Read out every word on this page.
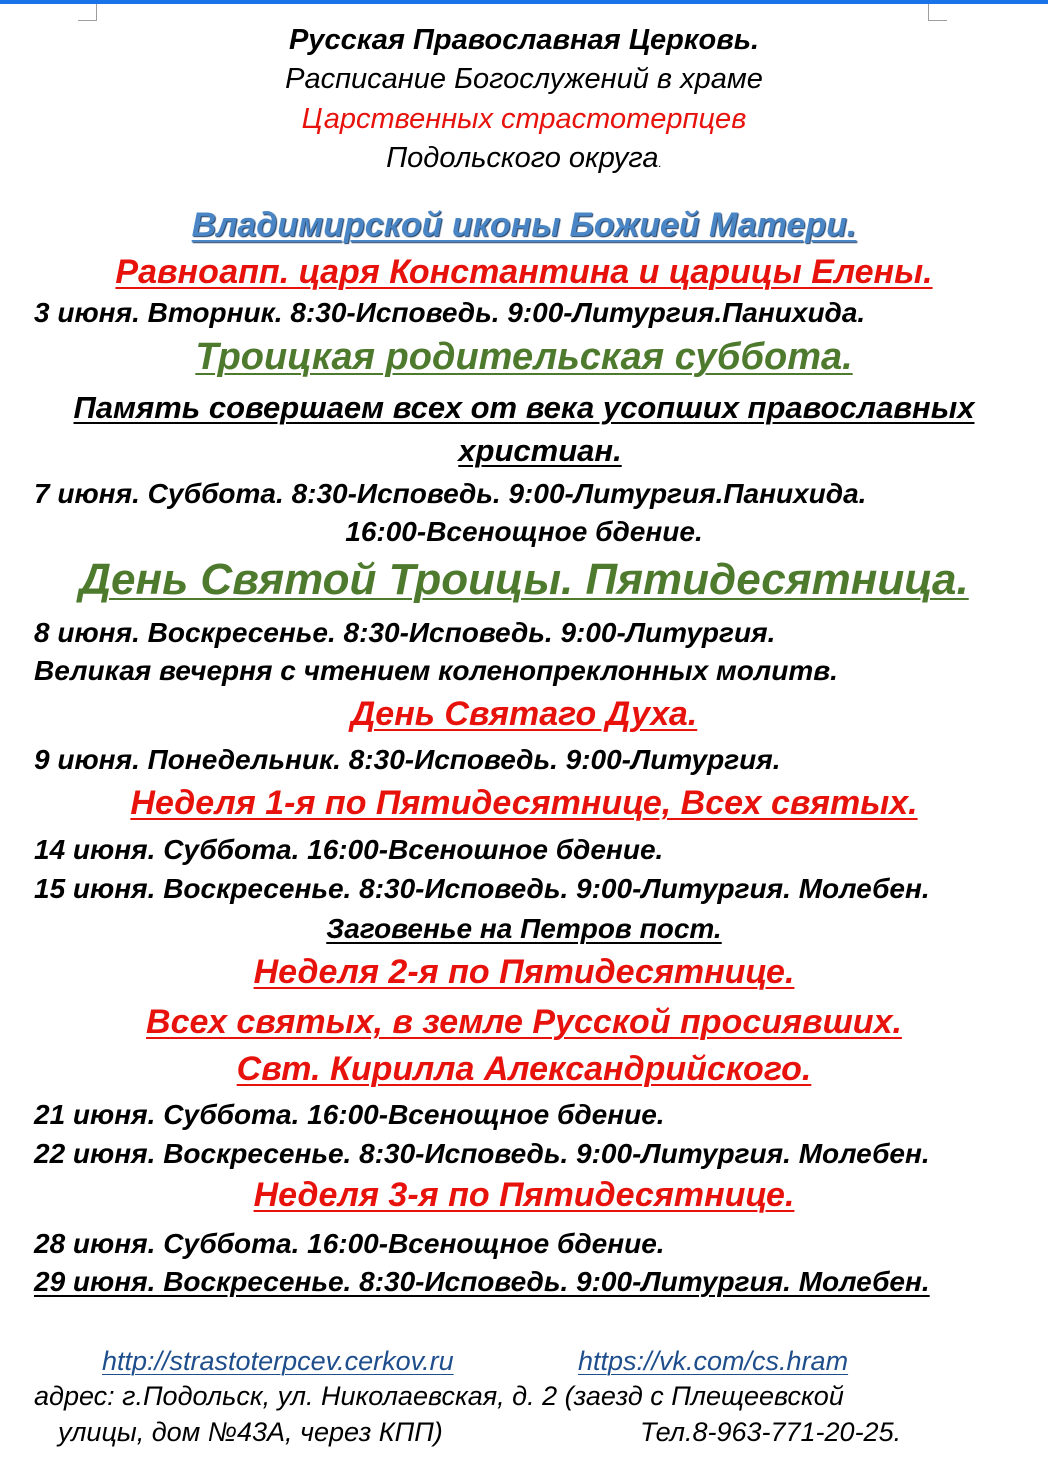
Русская Православная Церковь.
Расписание Богослужений в храме
Царственных страстотерпцев
Подольского округа.
Владимирской иконы Божией Матери.
Равноапп. царя Константина и царицы Елены.
3 июня. Вторник. 8:30-Исповедь. 9:00-Литургия.Панихида.
Троицкая родительская суббота.
Память совершаем всех от века усопших православных
христиан.
7 июня. Суббота. 8:30-Исповедь. 9:00-Литургия.Панихида.
16:00-Всенощное бдение.
День Святой Троицы. Пятидесятница.
8 июня. Воскресенье. 8:30-Исповедь. 9:00-Литургия.
Великая вечерня с чтением коленопреклонных молитв.
День Святаго Духа.
9 июня. Понедельник. 8:30-Исповедь. 9:00-Литургия.
Неделя 1-я по Пятидесятнице, Всех святых.
14 июня. Суббота. 16:00-Всеношное бдение.
15 июня. Воскресенье. 8:30-Исповедь. 9:00-Литургия. Молебен.
Заговенье на Петров пост.
Неделя 2-я по Пятидесятнице.
Всех святых, в земле Русской просиявших.
Свт. Кирилла Александрийского.
21 июня. Суббота. 16:00-Всенощное бдение.
22 июня. Воскресенье. 8:30-Исповедь. 9:00-Литургия. Молебен.
Неделя 3-я по Пятидесятнице.
28 июня. Суббота. 16:00-Всенощное бдение.
29 июня. Воскресенье. 8:30-Исповедь. 9:00-Литургия. Молебен.
http://strastoterpcev.cerkov.ru	https://vk.com/cs.hram
адрес: г.Подольск, ул. Николаевская, д. 2 (заезд с Плещеевской
улицы, дом №43А, через КПП)	Тел.8-963-771-20-25.
